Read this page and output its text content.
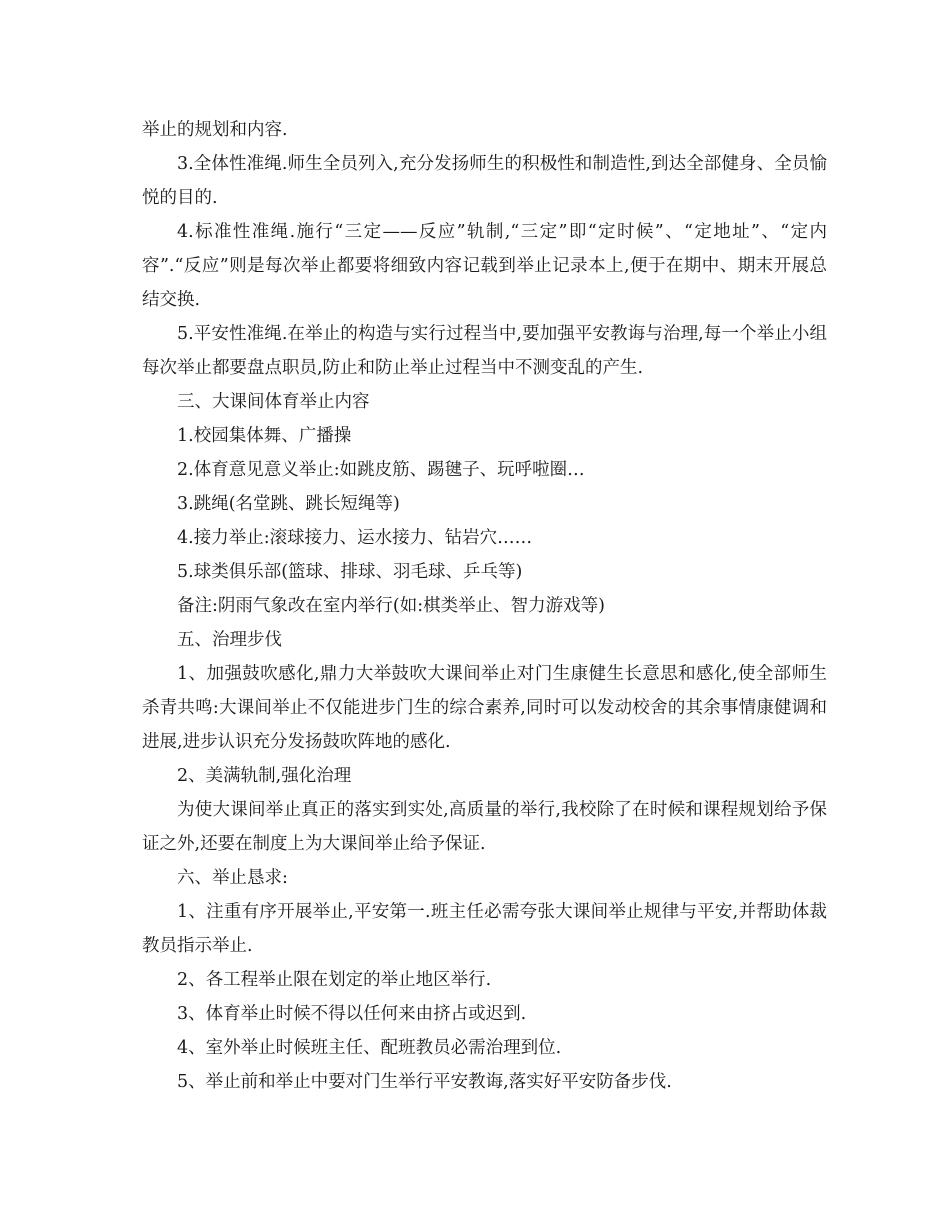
举止的规划和内容.

3.全体性准绳.师生全员列入,充分发扬师生的积极性和制造性,到达全部健身、全员愉悦的目的.

4.标准性准绳.施行“三定——反应”轨制,“三定”即“定时候”、“定地址”、“定内容”.“反应”则是每次举止都要将细致内容记载到举止记录本上,便于在期中、期末开展总结交换.

5.平安性准绳.在举止的构造与实行过程当中,要加强平安教诲与治理,每一个举止小组每次举止都要盘点职员,防止和防止举止过程当中不测变乱的产生.

三、大课间体育举止内容

1.校园集体舞、广播操

2.体育意见意义举止:如跳皮筋、踢毽子、玩呼啦圈…

3.跳绳(名堂跳、跳长短绳等)

4.接力举止:滚球接力、运水接力、钻岩穴……

5.球类俱乐部(篮球、排球、羽毛球、乒乓等)

备注:阴雨气象改在室内举行(如:棋类举止、智力游戏等)

五、治理步伐

1、加强鼓吹感化,鼎力大举鼓吹大课间举止对门生康健生长意思和感化,使全部师生杀青共鸣:大课间举止不仅能进步门生的综合素养,同时可以发动校舍的其余事情康健调和进展,进步认识充分发扬鼓吹阵地的感化.

2、美满轨制,强化治理

为使大课间举止真正的落实到实处,高质量的举行,我校除了在时候和课程规划给予保证之外,还要在制度上为大课间举止给予保证.

六、举止恳求:

1、注重有序开展举止,平安第一.班主任必需夸张大课间举止规律与平安,并帮助体裁教员指示举止.

2、各工程举止限在划定的举止地区举行.

3、体育举止时候不得以任何来由挤占或迟到.

4、室外举止时候班主任、配班教员必需治理到位.

5、举止前和举止中要对门生举行平安教诲,落实好平安防备步伐.
